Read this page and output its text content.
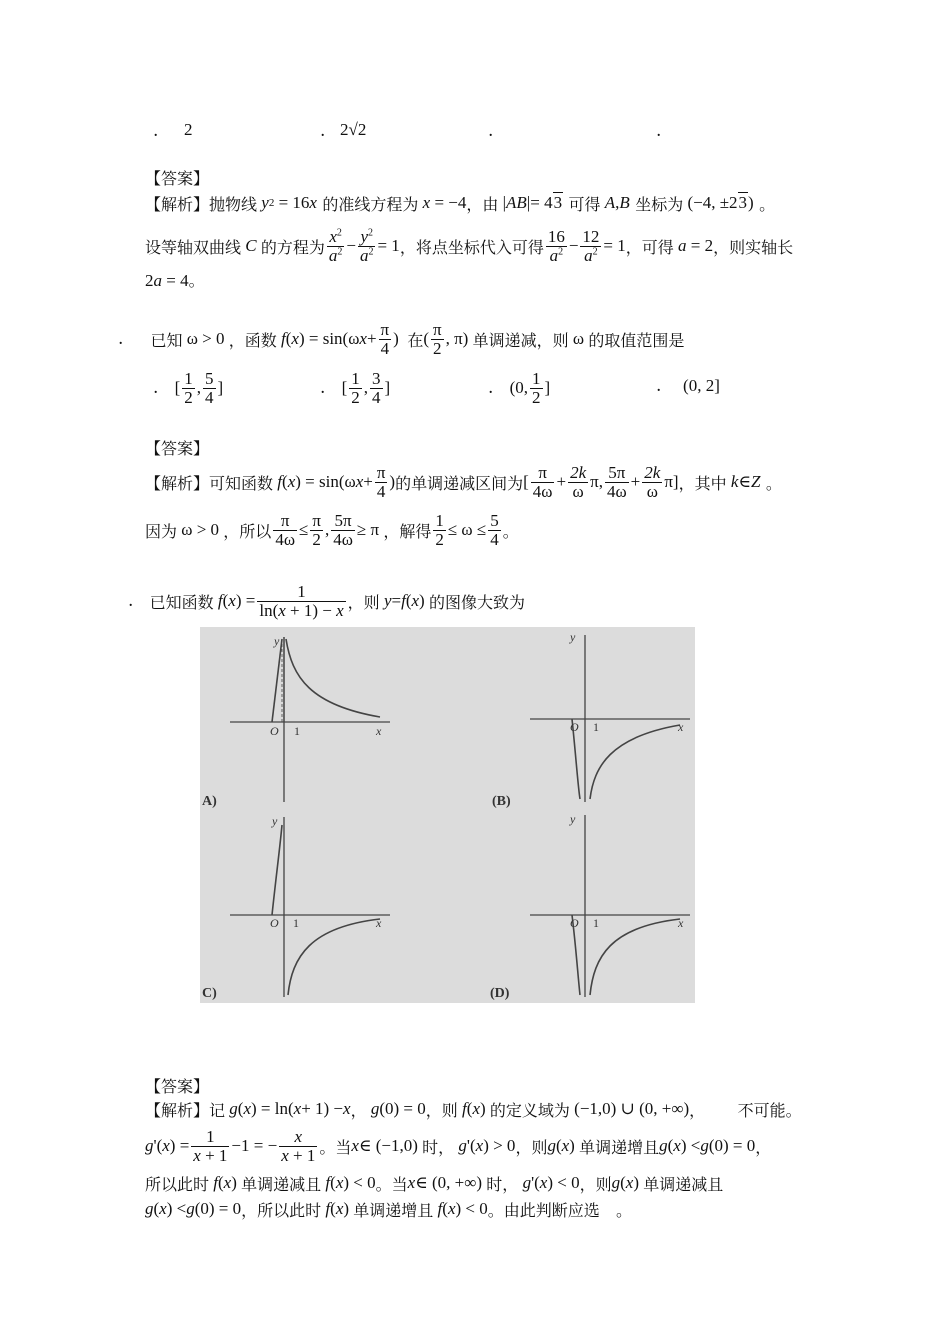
. 2	. 2√2	.	.
【答案】
【解析】 抛物线 y 2 = 16 x
的准线方程为 x = −4 ，由 | AB |= 43
可得 A , B
坐标为 (−4, ±23)
。
设等轴双曲线 C 的方程为 $\frac{x^2}{a^2} - \frac{y^2}{a^2} = 1$ ，将点坐标代入可得 $\frac{16}{a^2} - \frac{12}{a^2} = 1$ ，可得 a = 2 ，则实轴长
2a = 4。
.
已知 ω > 0 ，函数 f ( x ) = sin(ω $x + \frac{\pi}{4}$ ) 在 ( $\frac{\pi}{2}$ , π) 单调递减，则 ω 的取值范围是
.
[ $\frac{1}{2}$ , $\frac{5}{4}$ ]	.
[ $\frac{1}{2}$ , $\frac{3}{4}$ ]	.
(0, $\frac{1}{2}$ ]	. (0, 2]
【答案】
【解析】 可知函数 f ( x ) = sin(ω $x + \frac{\pi}{4}$ ) 的单调递减区间为 [ $\frac{\pi}{4\omega} + \frac{2k}{\omega} \pi$, $\frac{5\pi}{4\omega} + \frac{2k}{\omega} \pi$] ，其中 k ∈ Z
。
因为 ω > 0 ，所以 $\frac{\pi}{4\omega} \le \frac{\pi}{2}$ , $\frac{5\pi}{4\omega} \ge \pi$ ，解得 $\frac{1}{2} \le \omega \le \frac{5}{4}$ 。
.
已知函数 f ( x ) = $\frac{1}{\ln(x + 1) - x}$ ，则 y = f ( x ) 的图像大致为
O 1	x
y
A)
O 1	x
y
(B)
O 1	x
y
C)
O 1	x
y
(D)
【答案】
【解析】 记 g ( x ) = ln( x + 1) − x ， g (0) = 0 ，则 f ( x ) 的定义域为 (−1,0) ∪ (0, +∞) ，
不可能。
g '( x ) = $\frac{1}{x + 1} -1$ = − $\frac{x}{x + 1}$ 。当 x ∈ (−1,0) 时， g '( x ) > 0 ，则 g ( x ) 单调递增且 g ( x ) < g (0) = 0 ，
所以此时 f ( x ) 单调递减且 f ( x ) < 0 。当 x ∈ (0, +∞) 时， g '( x ) < 0 ，则 g ( x ) 单调递减且
g ( x ) < g (0) = 0 ，所以此时 f ( x ) 单调递增且 f ( x ) < 0 。由此判断应选
。
